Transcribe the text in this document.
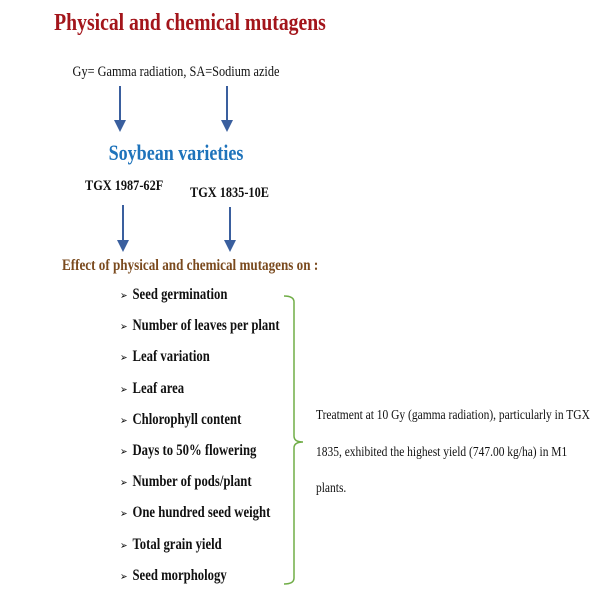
Physical and chemical mutagens
Gy= Gamma radiation, SA=Sodium azide
Soybean varieties
TGX 1987-62F TGX 1835-10E
Effect of physical and chemical mutagens on :
➢ Seed germination
➢ Number of leaves per plant
➢ Leaf variation
➢ Leaf area
➢ Chlorophyll content
➢ Days to 50% flowering
➢ Number of pods/plant
➢ One hundred seed weight
➢ Total grain yield
➢ Seed morphology
Treatment at 10 Gy (gamma radiation), particularly in TGX 1835, exhibited the highest yield (747.00 kg/ha) in M1 plants.
